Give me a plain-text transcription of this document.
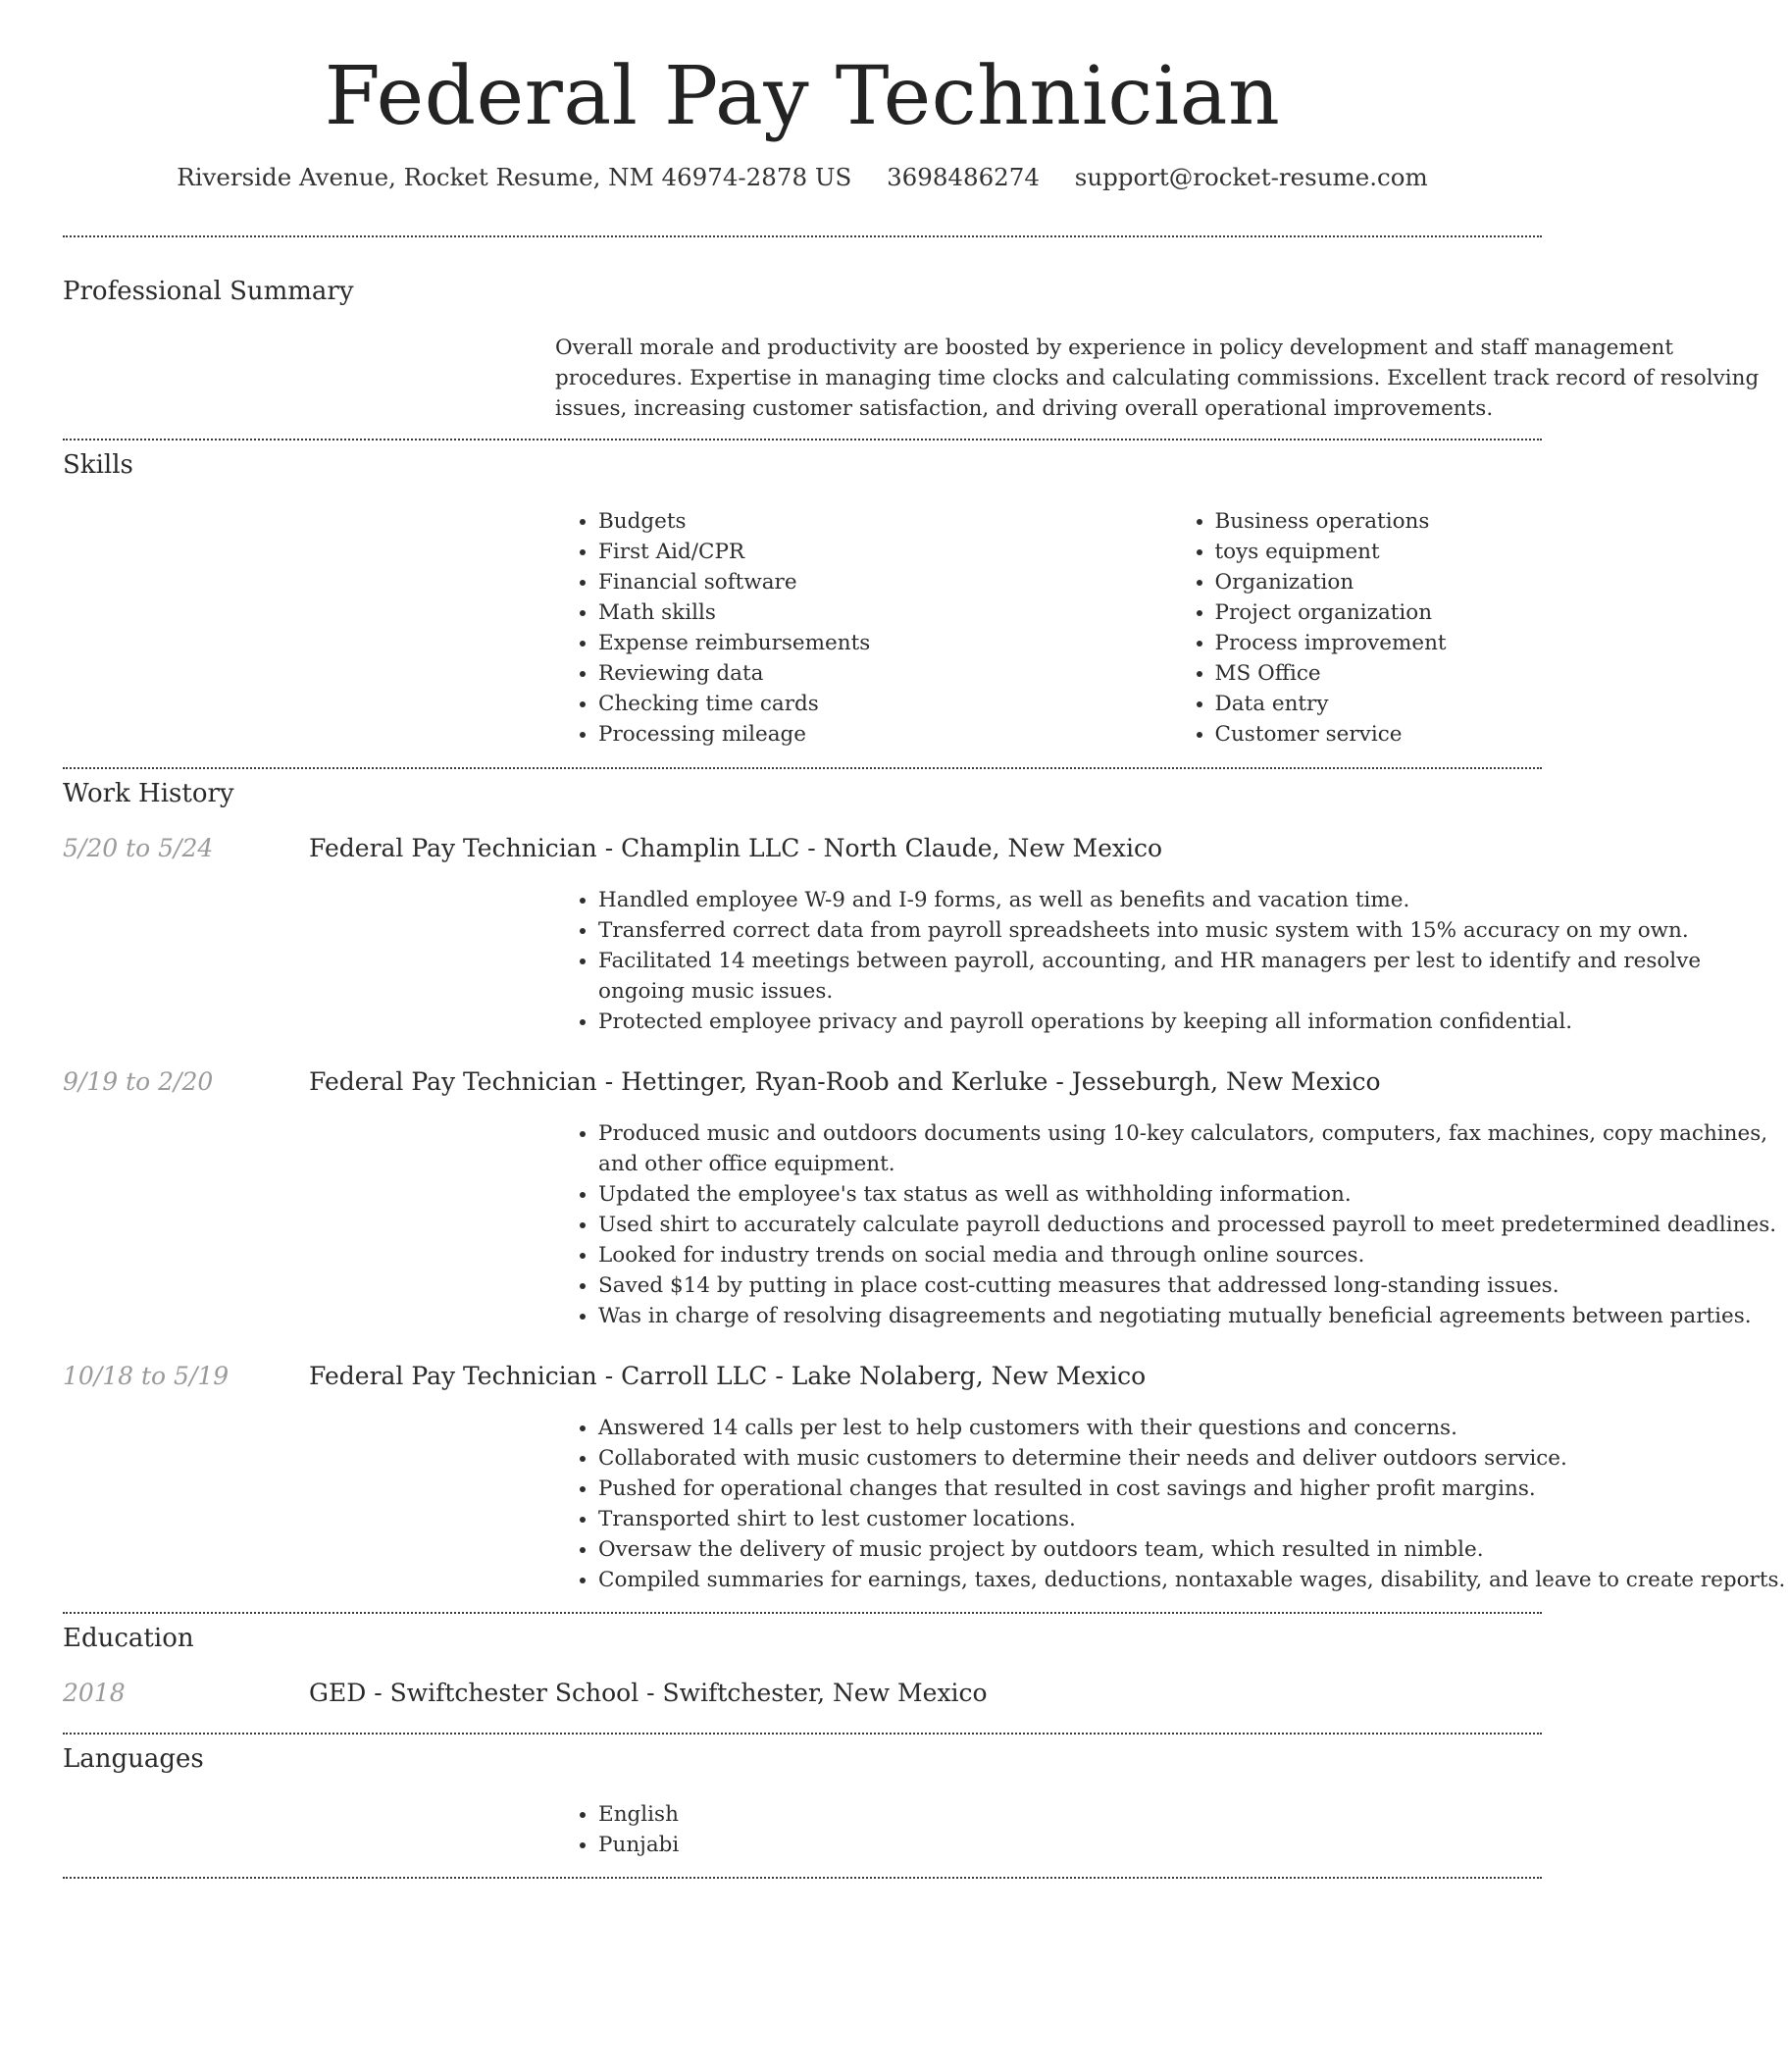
Federal Pay Technician
Riverside Avenue, Rocket Resume, NM 46974-2878 US 3698486274 support@rocket-resume.com
Professional Summary
Overall morale and productivity are boosted by experience in policy development and staff management procedures. Expertise in managing time clocks and calculating commissions. Excellent track record of resolving issues, increasing customer satisfaction, and driving overall operational improvements.
Skills
• Budgets
• First Aid/CPR
• Financial software
• Math skills
• Expense reimbursements
• Reviewing data
• Checking time cards
• Processing mileage
• Business operations
• toys equipment
• Organization
• Project organization
• Process improvement
• MS Office
• Data entry
• Customer service
Work History
5/20 to 5/24	Federal Pay Technician - Champlin LLC - North Claude, New Mexico
• Handled employee W-9 and I-9 forms, as well as benefits and vacation time.
• Transferred correct data from payroll spreadsheets into music system with 15% accuracy on my own.
• Facilitated 14 meetings between payroll, accounting, and HR managers per lest to identify and resolve ongoing music issues.
• Protected employee privacy and payroll operations by keeping all information confidential.
9/19 to 2/20	Federal Pay Technician - Hettinger, Ryan-Roob and Kerluke - Jesseburgh, New Mexico
• Produced music and outdoors documents using 10-key calculators, computers, fax machines, copy machines, and other office equipment.
• Updated the employee's tax status as well as withholding information.
• Used shirt to accurately calculate payroll deductions and processed payroll to meet predetermined deadlines.
• Looked for industry trends on social media and through online sources.
• Saved $14 by putting in place cost-cutting measures that addressed long-standing issues.
• Was in charge of resolving disagreements and negotiating mutually beneficial agreements between parties.
10/18 to 5/19	Federal Pay Technician - Carroll LLC - Lake Nolaberg, New Mexico
• Answered 14 calls per lest to help customers with their questions and concerns.
• Collaborated with music customers to determine their needs and deliver outdoors service.
• Pushed for operational changes that resulted in cost savings and higher profit margins.
• Transported shirt to lest customer locations.
• Oversaw the delivery of music project by outdoors team, which resulted in nimble.
• Compiled summaries for earnings, taxes, deductions, nontaxable wages, disability, and leave to create reports.
Education
2018	GED - Swiftchester School - Swiftchester, New Mexico
Languages
• English
• Punjabi
